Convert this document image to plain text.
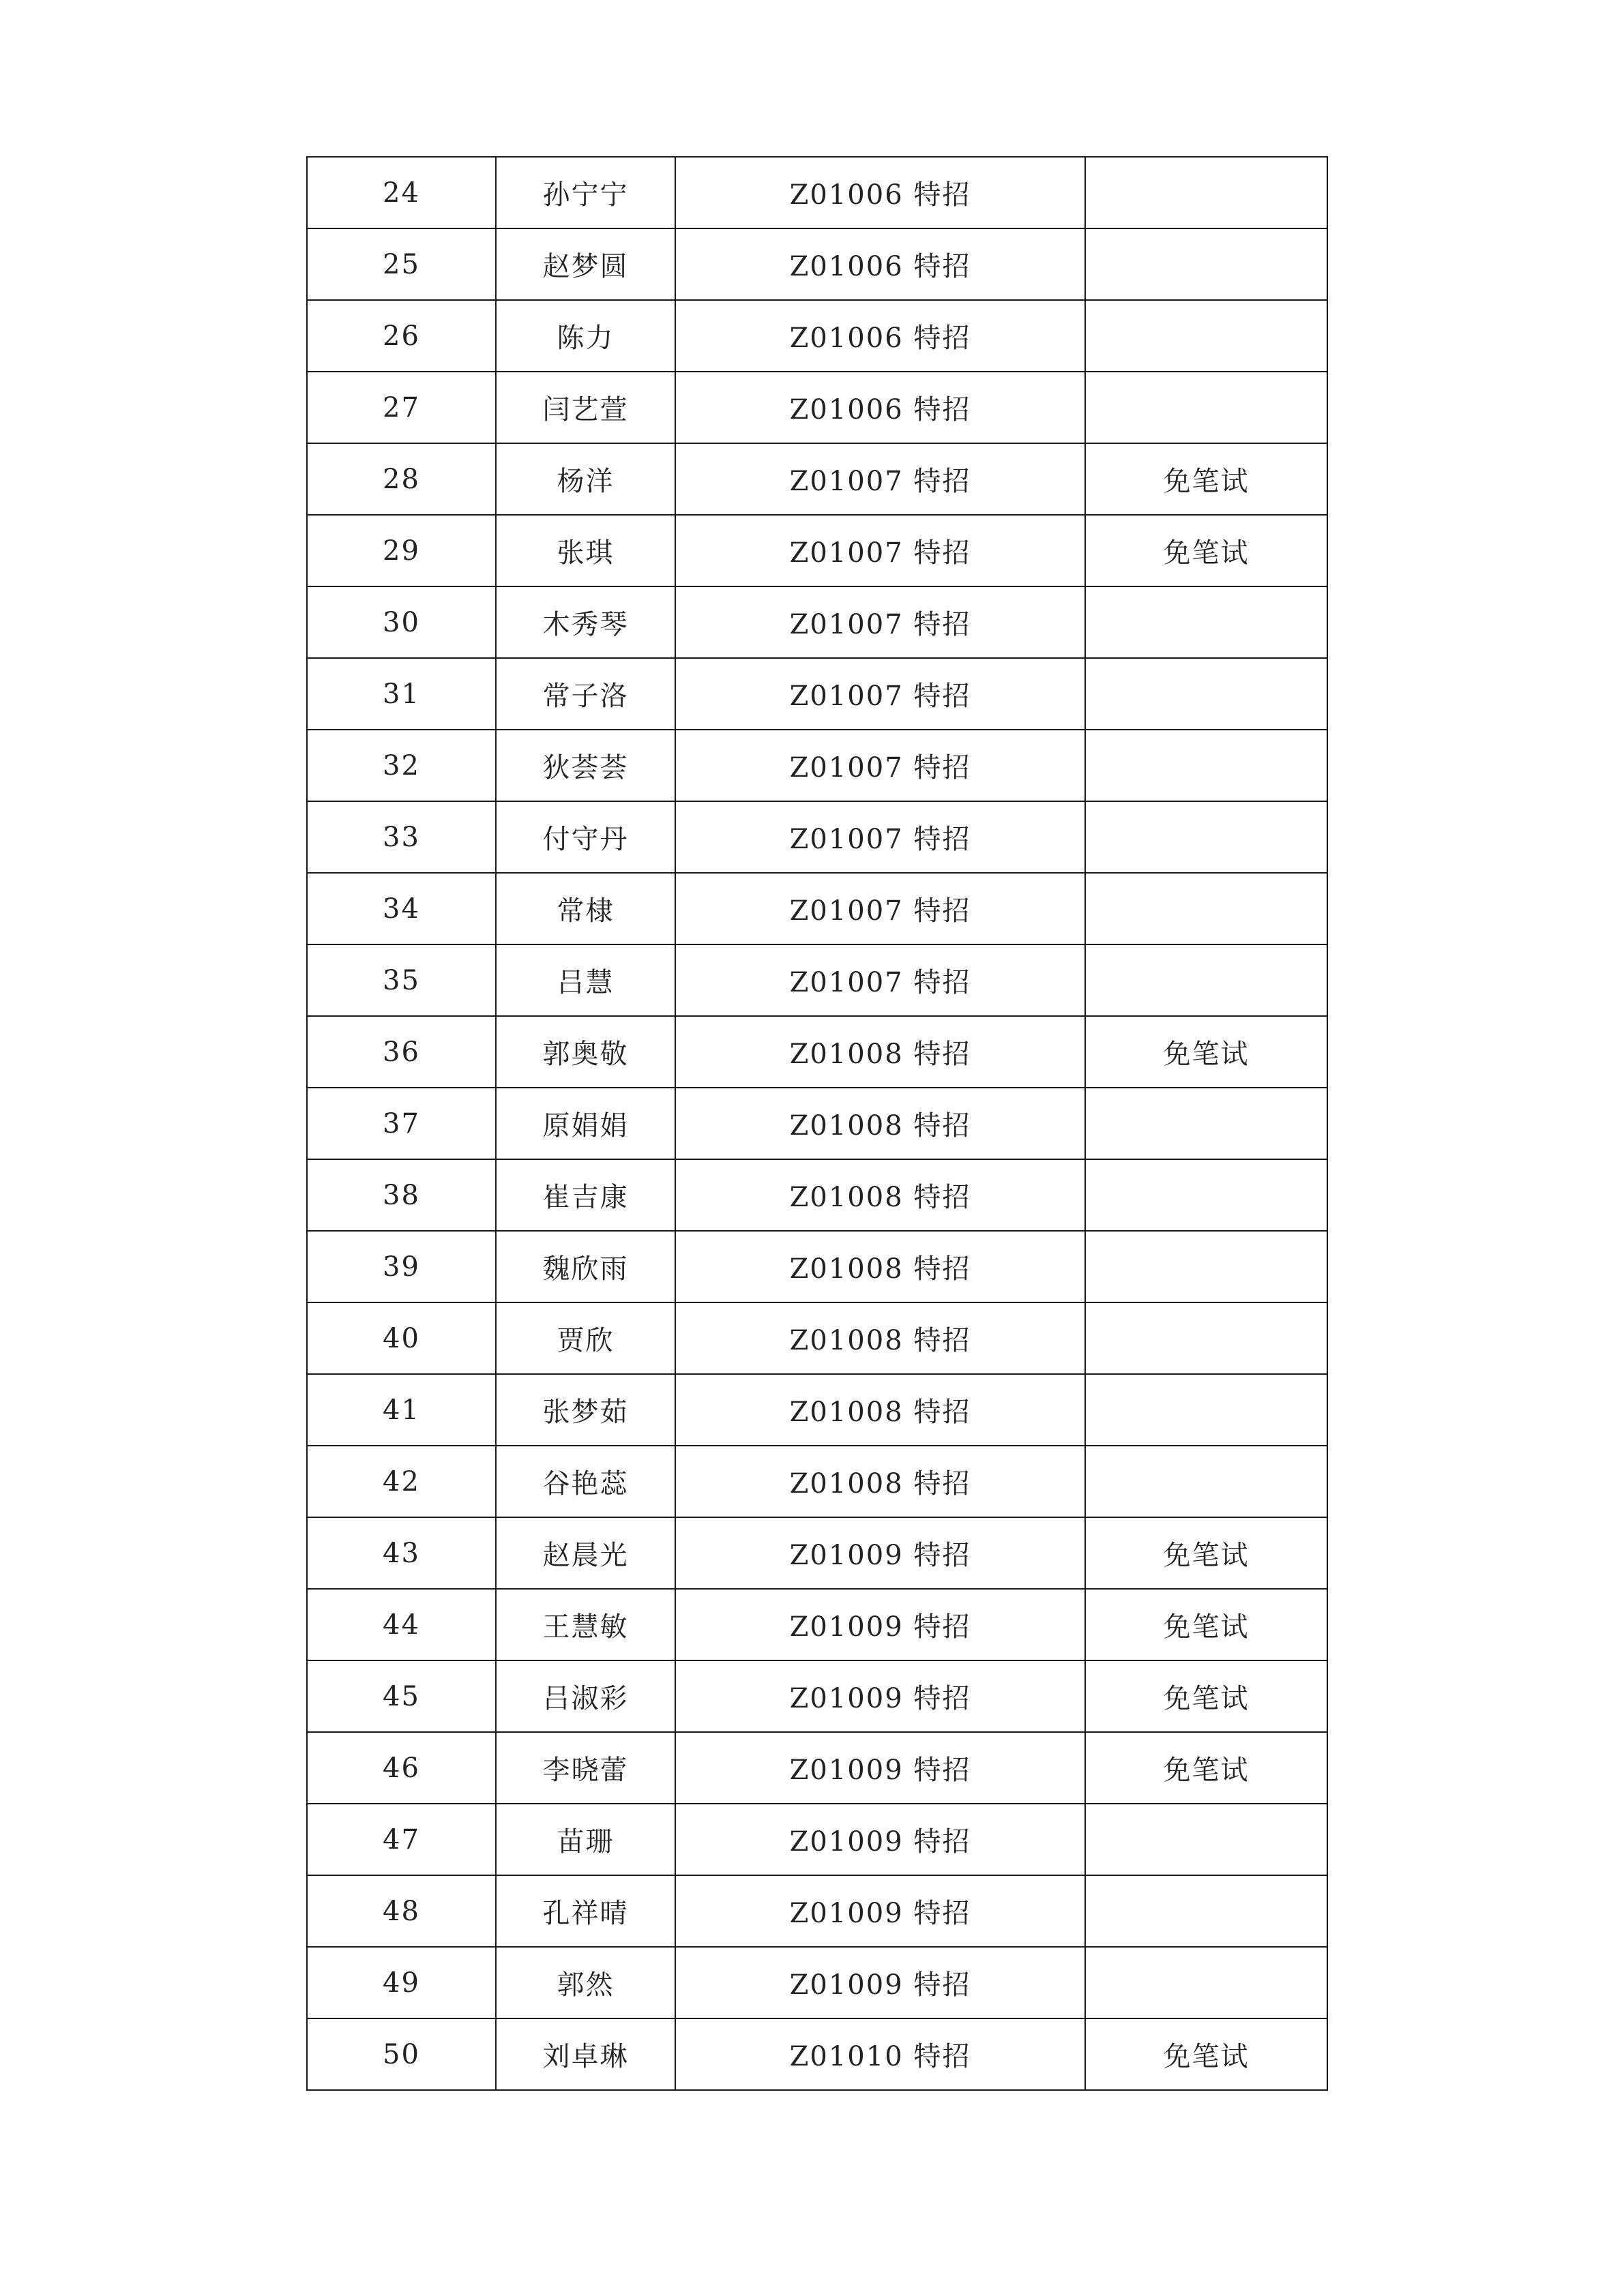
24	孙宁宁	Z01006 特招	
25	赵梦圆	Z01006 特招	
26	陈力	Z01006 特招	
27	闫艺萱	Z01006 特招	
28	杨洋	Z01007 特招	免笔试
29	张琪	Z01007 特招	免笔试
30	木秀琴	Z01007 特招	
31	常子洛	Z01007 特招	
32	狄荟荟	Z01007 特招	
33	付守丹	Z01007 特招	
34	常棣	Z01007 特招	
35	吕慧	Z01007 特招	
36	郭奥敬	Z01008 特招	免笔试
37	原娟娟	Z01008 特招	
38	崔吉康	Z01008 特招	
39	魏欣雨	Z01008 特招	
40	贾欣	Z01008 特招	
41	张梦茹	Z01008 特招	
42	谷艳蕊	Z01008 特招	
43	赵晨光	Z01009 特招	免笔试
44	王慧敏	Z01009 特招	免笔试
45	吕淑彩	Z01009 特招	免笔试
46	李晓蕾	Z01009 特招	免笔试
47	苗珊	Z01009 特招	
48	孔祥晴	Z01009 特招	
49	郭然	Z01009 特招	
50	刘卓琳	Z01010 特招	免笔试
